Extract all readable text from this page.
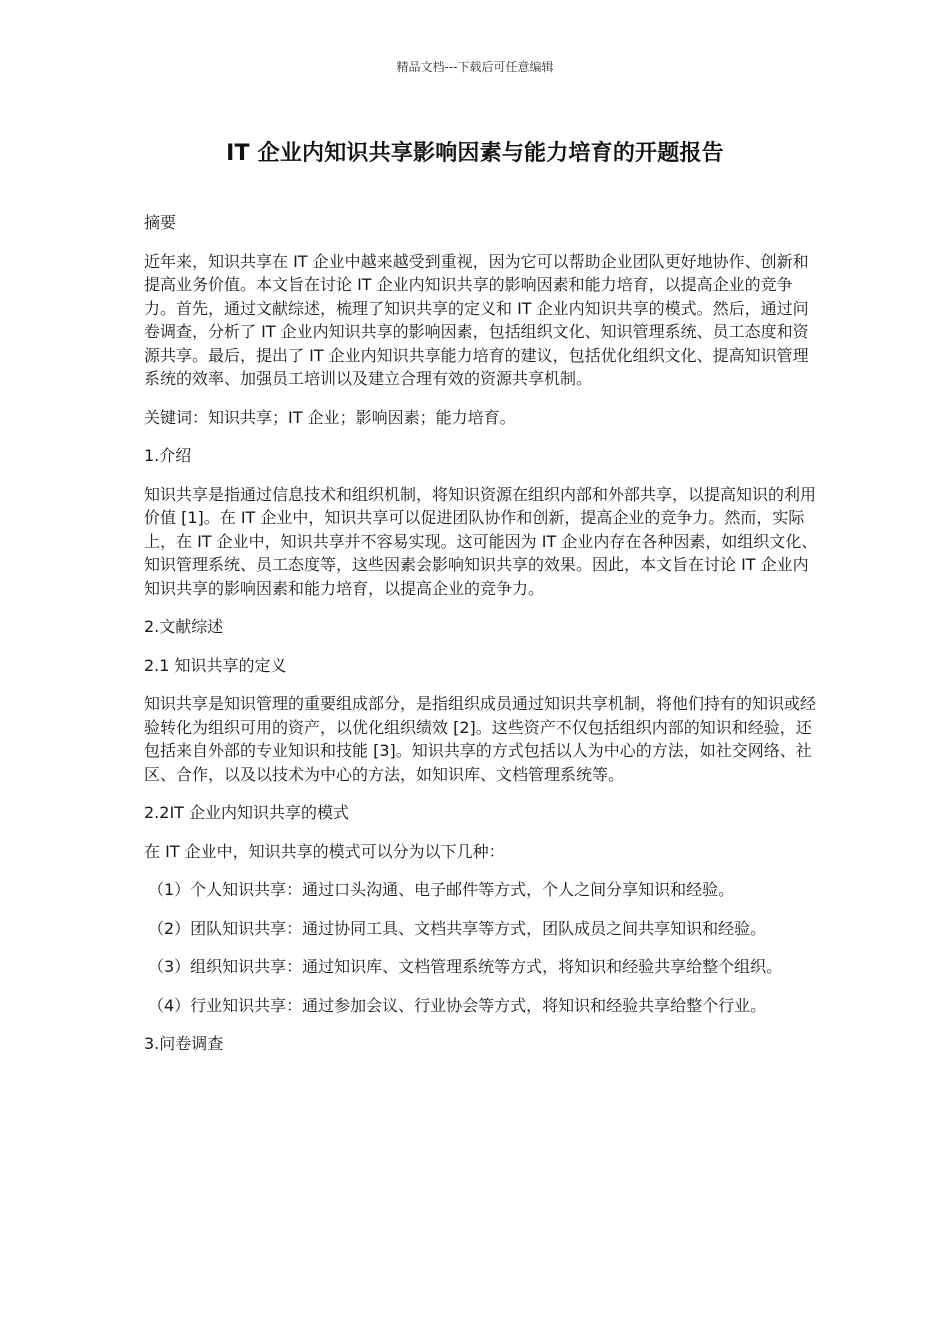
精品文档---下载后可任意编辑
IT 企业内知识共享影响因素与能力培育的开题报告

摘要

近年来，知识共享在 IT 企业中越来越受到重视，因为它可以帮助企业团队更好地协作、创新和提高业务价值。本文旨在讨论 IT 企业内知识共享的影响因素和能力培育，以提高企业的竞争力。首先，通过文献综述，梳理了知识共享的定义和 IT 企业内知识共享的模式。然后，通过问卷调查，分析了 IT 企业内知识共享的影响因素，包括组织文化、知识管理系统、员工态度和资源共享。最后，提出了 IT 企业内知识共享能力培育的建议，包括优化组织文化、提高知识管理系统的效率、加强员工培训以及建立合理有效的资源共享机制。

关键词：知识共享；IT 企业；影响因素；能力培育。

1.介绍

知识共享是指通过信息技术和组织机制，将知识资源在组织内部和外部共享，以提高知识的利用价值 [1]。在 IT 企业中，知识共享可以促进团队协作和创新，提高企业的竞争力。然而，实际上，在 IT 企业中，知识共享并不容易实现。这可能因为 IT 企业内存在各种因素，如组织文化、知识管理系统、员工态度等，这些因素会影响知识共享的效果。因此，本文旨在讨论 IT 企业内知识共享的影响因素和能力培育，以提高企业的竞争力。

2.文献综述

2.1 知识共享的定义

知识共享是知识管理的重要组成部分，是指组织成员通过知识共享机制，将他们持有的知识或经验转化为组织可用的资产，以优化组织绩效 [2]。这些资产不仅包括组织内部的知识和经验，还包括来自外部的专业知识和技能 [3]。知识共享的方式包括以人为中心的方法，如社交网络、社区、合作，以及以技术为中心的方法，如知识库、文档管理系统等。

2.2IT 企业内知识共享的模式

在 IT 企业中，知识共享的模式可以分为以下几种：

（1）个人知识共享：通过口头沟通、电子邮件等方式，个人之间分享知识和经验。

（2）团队知识共享：通过协同工具、文档共享等方式，团队成员之间共享知识和经验。

（3）组织知识共享：通过知识库、文档管理系统等方式，将知识和经验共享给整个组织。

（4）行业知识共享：通过参加会议、行业协会等方式，将知识和经验共享给整个行业。

3.问卷调查
